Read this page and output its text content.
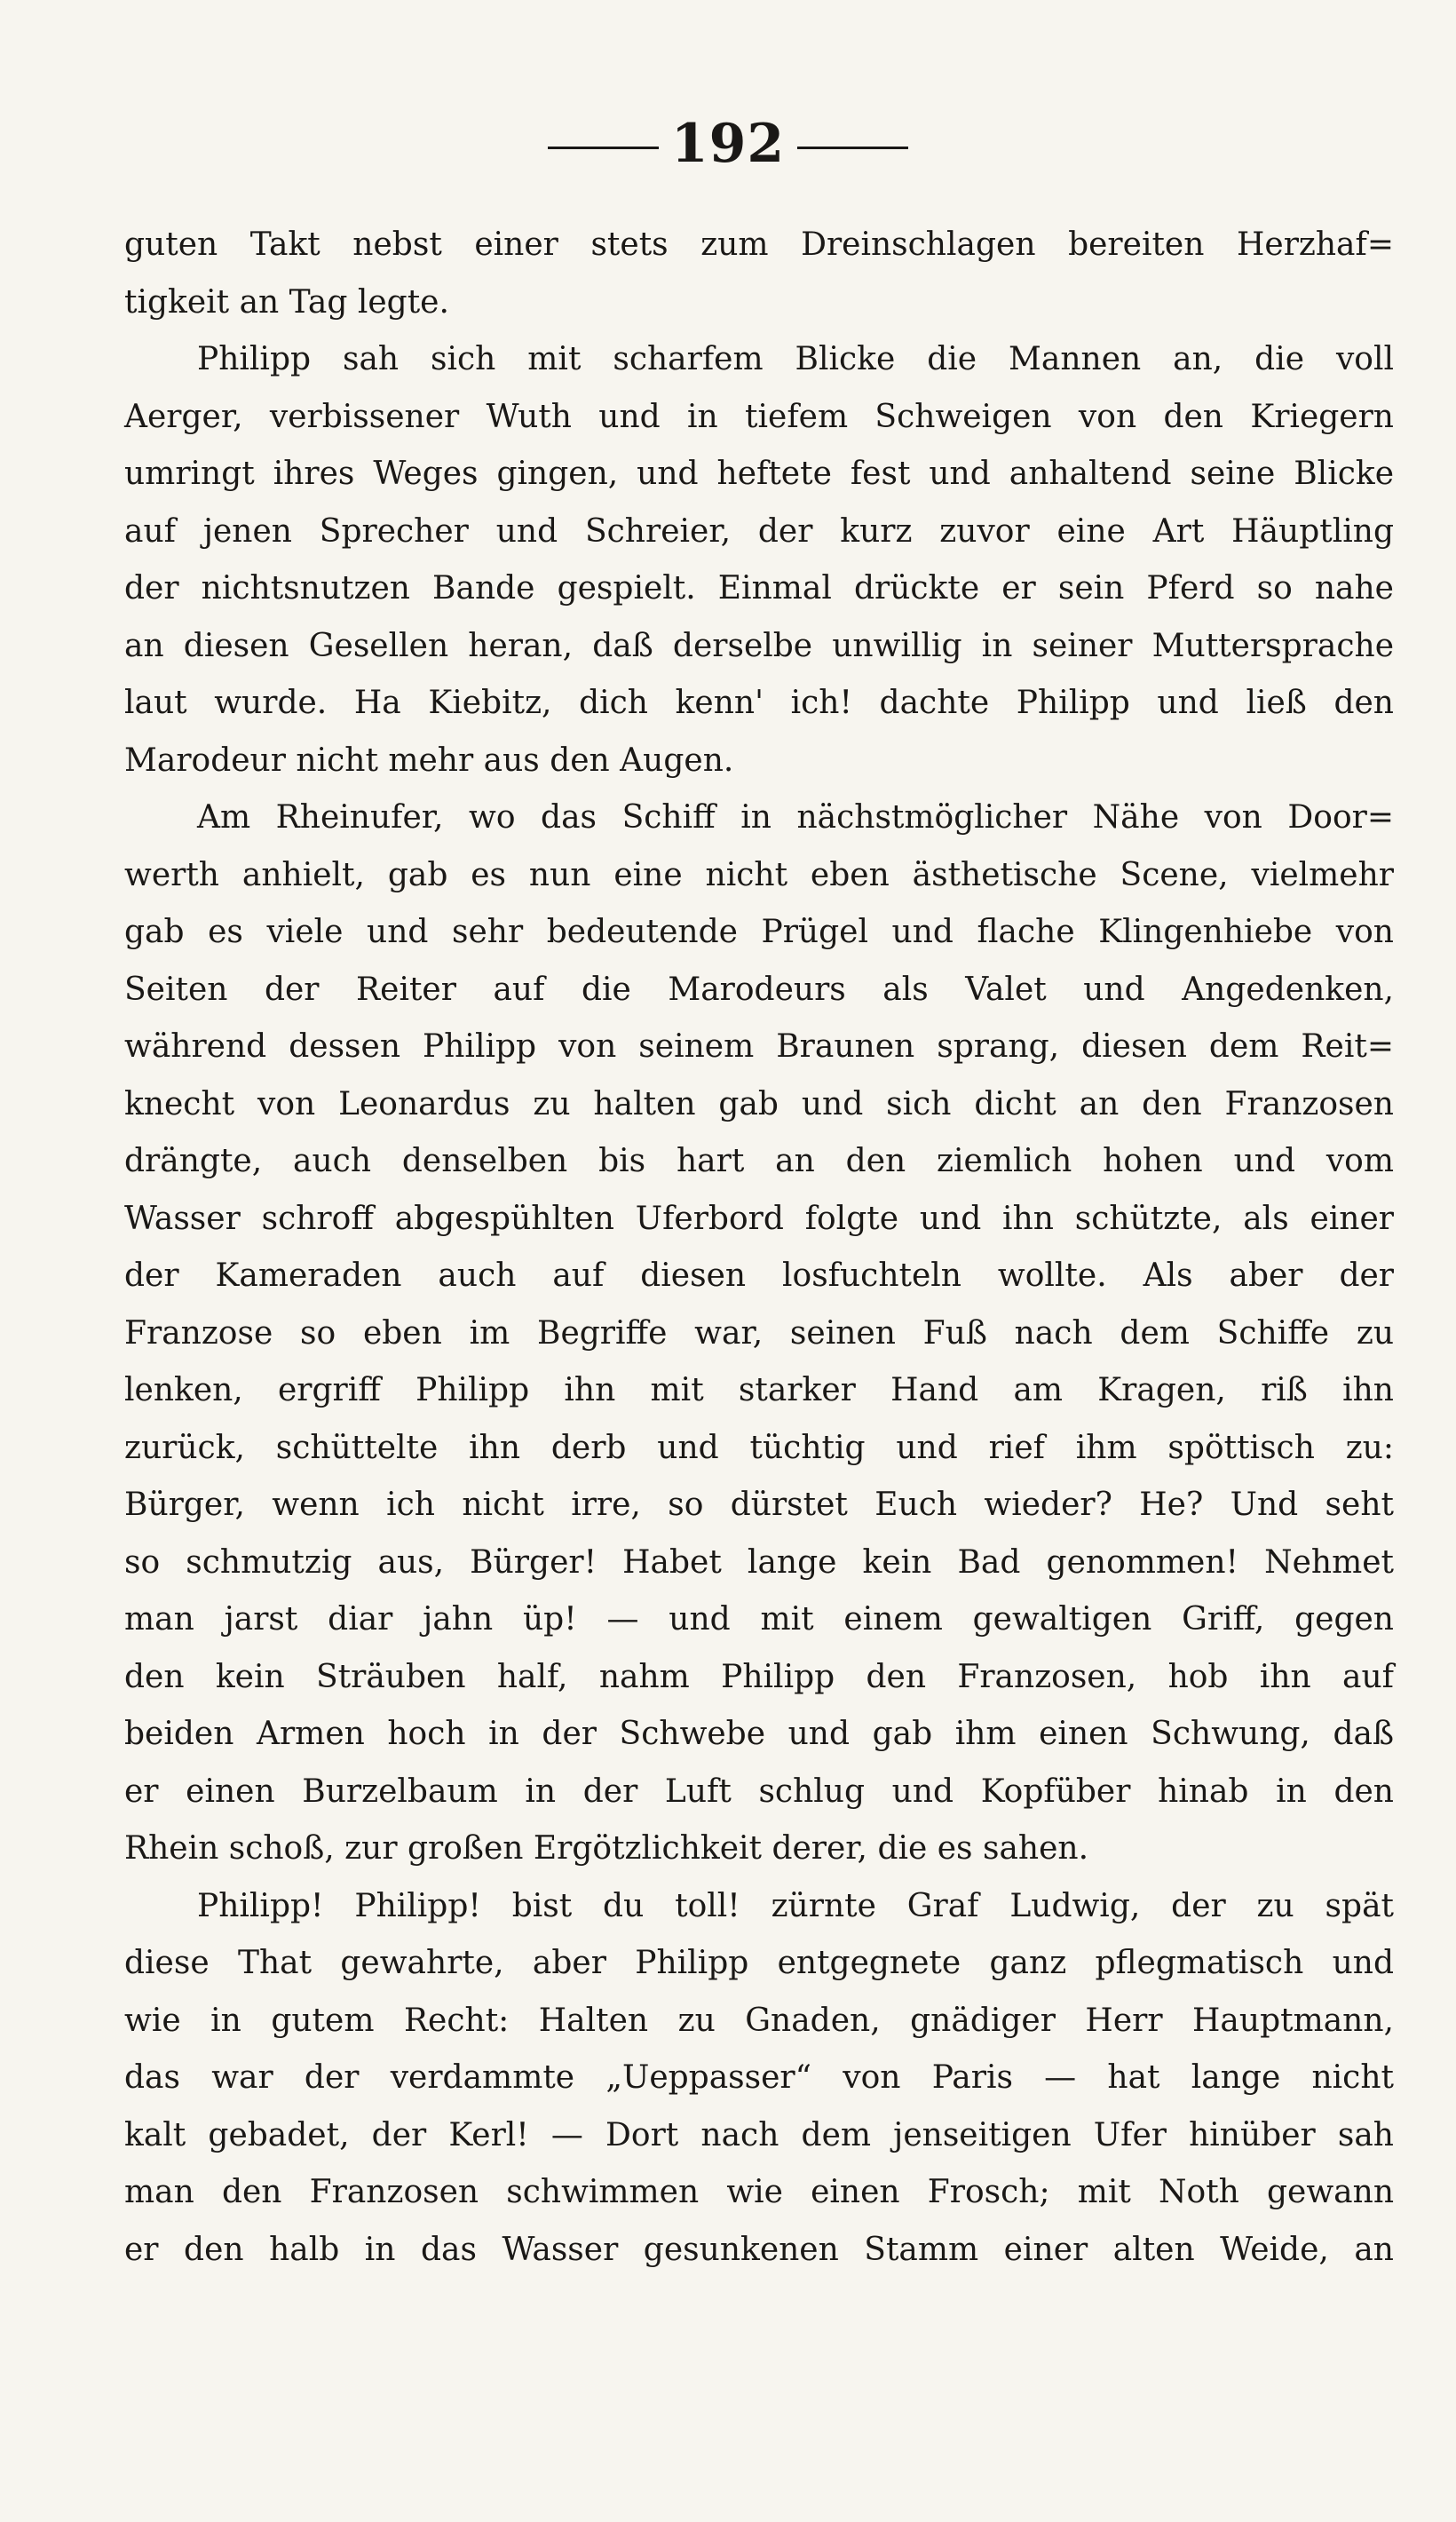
192
guten Takt nebst einer stets zum Dreinschlagen bereiten Herzhaf=
tigkeit an Tag legte.
Philipp sah sich mit scharfem Blicke die Mannen an, die voll
Aerger, verbissener Wuth und in tiefem Schweigen von den Kriegern
umringt ihres Weges gingen, und heftete fest und anhaltend seine Blicke
auf jenen Sprecher und Schreier, der kurz zuvor eine Art Häuptling
der nichtsnutzen Bande gespielt. Einmal drückte er sein Pferd so nahe
an diesen Gesellen heran, daß derselbe unwillig in seiner Muttersprache
laut wurde. Ha Kiebitz, dich kenn' ich! dachte Philipp und ließ den
Marodeur nicht mehr aus den Augen.
Am Rheinufer, wo das Schiff in nächstmöglicher Nähe von Door=
werth anhielt, gab es nun eine nicht eben ästhetische Scene, vielmehr
gab es viele und sehr bedeutende Prügel und flache Klingenhiebe von
Seiten der Reiter auf die Marodeurs als Valet und Angedenken,
während dessen Philipp von seinem Braunen sprang, diesen dem Reit=
knecht von Leonardus zu halten gab und sich dicht an den Franzosen
drängte, auch denselben bis hart an den ziemlich hohen und vom
Wasser schroff abgespühlten Uferbord folgte und ihn schützte, als einer
der Kameraden auch auf diesen losfuchteln wollte. Als aber der
Franzose so eben im Begriffe war, seinen Fuß nach dem Schiffe zu
lenken, ergriff Philipp ihn mit starker Hand am Kragen, riß ihn
zurück, schüttelte ihn derb und tüchtig und rief ihm spöttisch zu:
Bürger, wenn ich nicht irre, so dürstet Euch wieder? He? Und seht
so schmutzig aus, Bürger! Habet lange kein Bad genommen! Nehmet
man jarst diar jahn üp! — und mit einem gewaltigen Griff, gegen
den kein Sträuben half, nahm Philipp den Franzosen, hob ihn auf
beiden Armen hoch in der Schwebe und gab ihm einen Schwung, daß
er einen Burzelbaum in der Luft schlug und Kopfüber hinab in den
Rhein schoß, zur großen Ergötzlichkeit derer, die es sahen.
Philipp! Philipp! bist du toll! zürnte Graf Ludwig, der zu spät
diese That gewahrte, aber Philipp entgegnete ganz pflegmatisch und
wie in gutem Recht: Halten zu Gnaden, gnädiger Herr Hauptmann,
das war der verdammte „Ueppasser“ von Paris — hat lange nicht
kalt gebadet, der Kerl! — Dort nach dem jenseitigen Ufer hinüber sah
man den Franzosen schwimmen wie einen Frosch; mit Noth gewann
er den halb in das Wasser gesunkenen Stamm einer alten Weide, an
